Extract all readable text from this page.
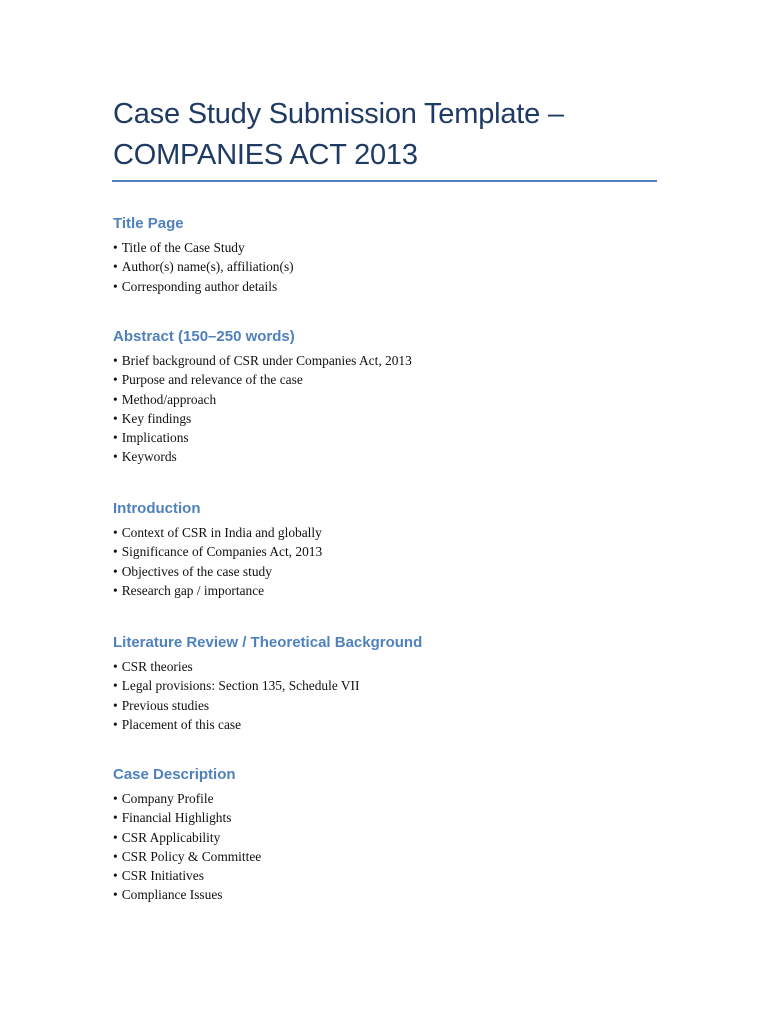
Case Study Submission Template –
COMPANIES ACT 2013
Title Page
• Title of the Case Study
• Author(s) name(s), affiliation(s)
• Corresponding author details
Abstract (150–250 words)
• Brief background of CSR under Companies Act, 2013
• Purpose and relevance of the case
• Method/approach
• Key findings
• Implications
• Keywords
Introduction
• Context of CSR in India and globally
• Significance of Companies Act, 2013
• Objectives of the case study
• Research gap / importance
Literature Review / Theoretical Background
• CSR theories
• Legal provisions: Section 135, Schedule VII
• Previous studies
• Placement of this case
Case Description
• Company Profile
• Financial Highlights
• CSR Applicability
• CSR Policy & Committee
• CSR Initiatives
• Compliance Issues
